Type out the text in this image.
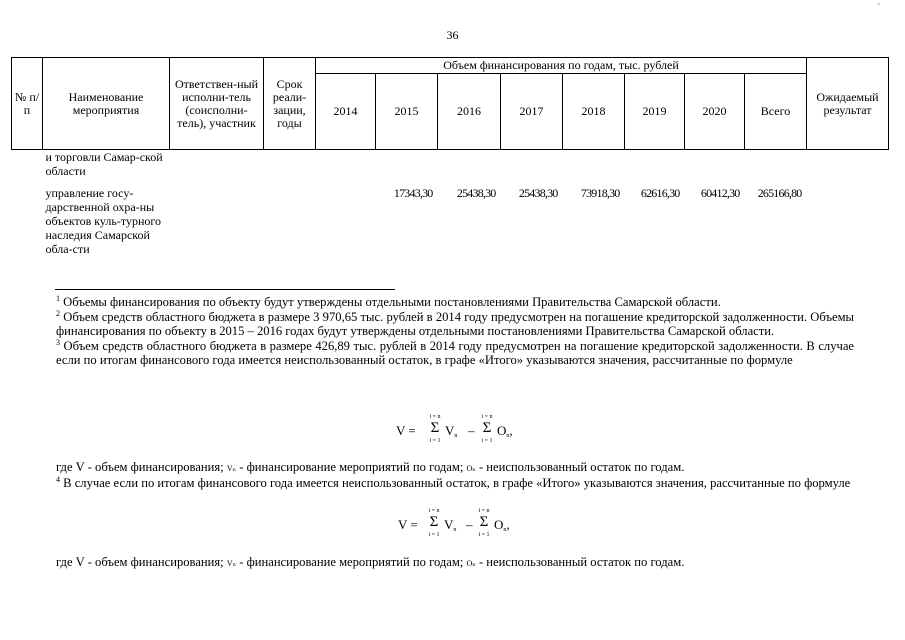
36
'
№ п/п	Наименование мероприятия	Ответствен-ный исполни-тель (соисполни-тель), участник	Срок реали-зации, годы	Объем финансирования по годам, тыс. рублей								Ожидаемый результат
				2014	2015	2016	2017	2018	2019	2020	Всего	
	и торговли Самар-ской области											
	управление госу-дарственной охра-ны объектов куль-турного наследия Самарской обла-сти				17343,30	25438,30	25438,30	73918,30	62616,30	60412,30	265166,80	

$^1$ Объемы финансирования по объекту будут утверждены отдельными постановлениями Правительства Самарской области.

$^2$ Объем средств областного бюджета в размере 3 970,65 тыс. рублей в 2014 году предусмотрен на погашение кредиторской задолженности. Объемы финансирования по объекту в 2015 – 2016 годах будут утверждены отдельными постановлениями Правительства Самарской области.

$^3$ Объем средств областного бюджета в размере 426,89 тыс. рублей в 2014 году предусмотрен на погашение кредиторской задолженности. В случае если по итогам финансового года имеется неиспользованный остаток, в графе «Итого» указываются значения, рассчитанные по формуле

V =
i = n
Σ
i = 1
$V_n$ –
i = n
Σ
i = 1
$O_n$,
где V - объем финансирования; Vₙ - финансирование мероприятий по годам; Oₙ - неиспользованный остаток по годам.

$^4$ В случае если по итогам финансового года имеется неиспользованный остаток, в графе «Итого» указываются значения, рассчитанные по формуле

V =
i = n
Σ
i = 1
$V_n$ –
i = n
Σ
i = 1
$O_n$,
где V - объем финансирования; Vₙ - финансирование мероприятий по годам; Oₙ - неиспользованный остаток по годам.
